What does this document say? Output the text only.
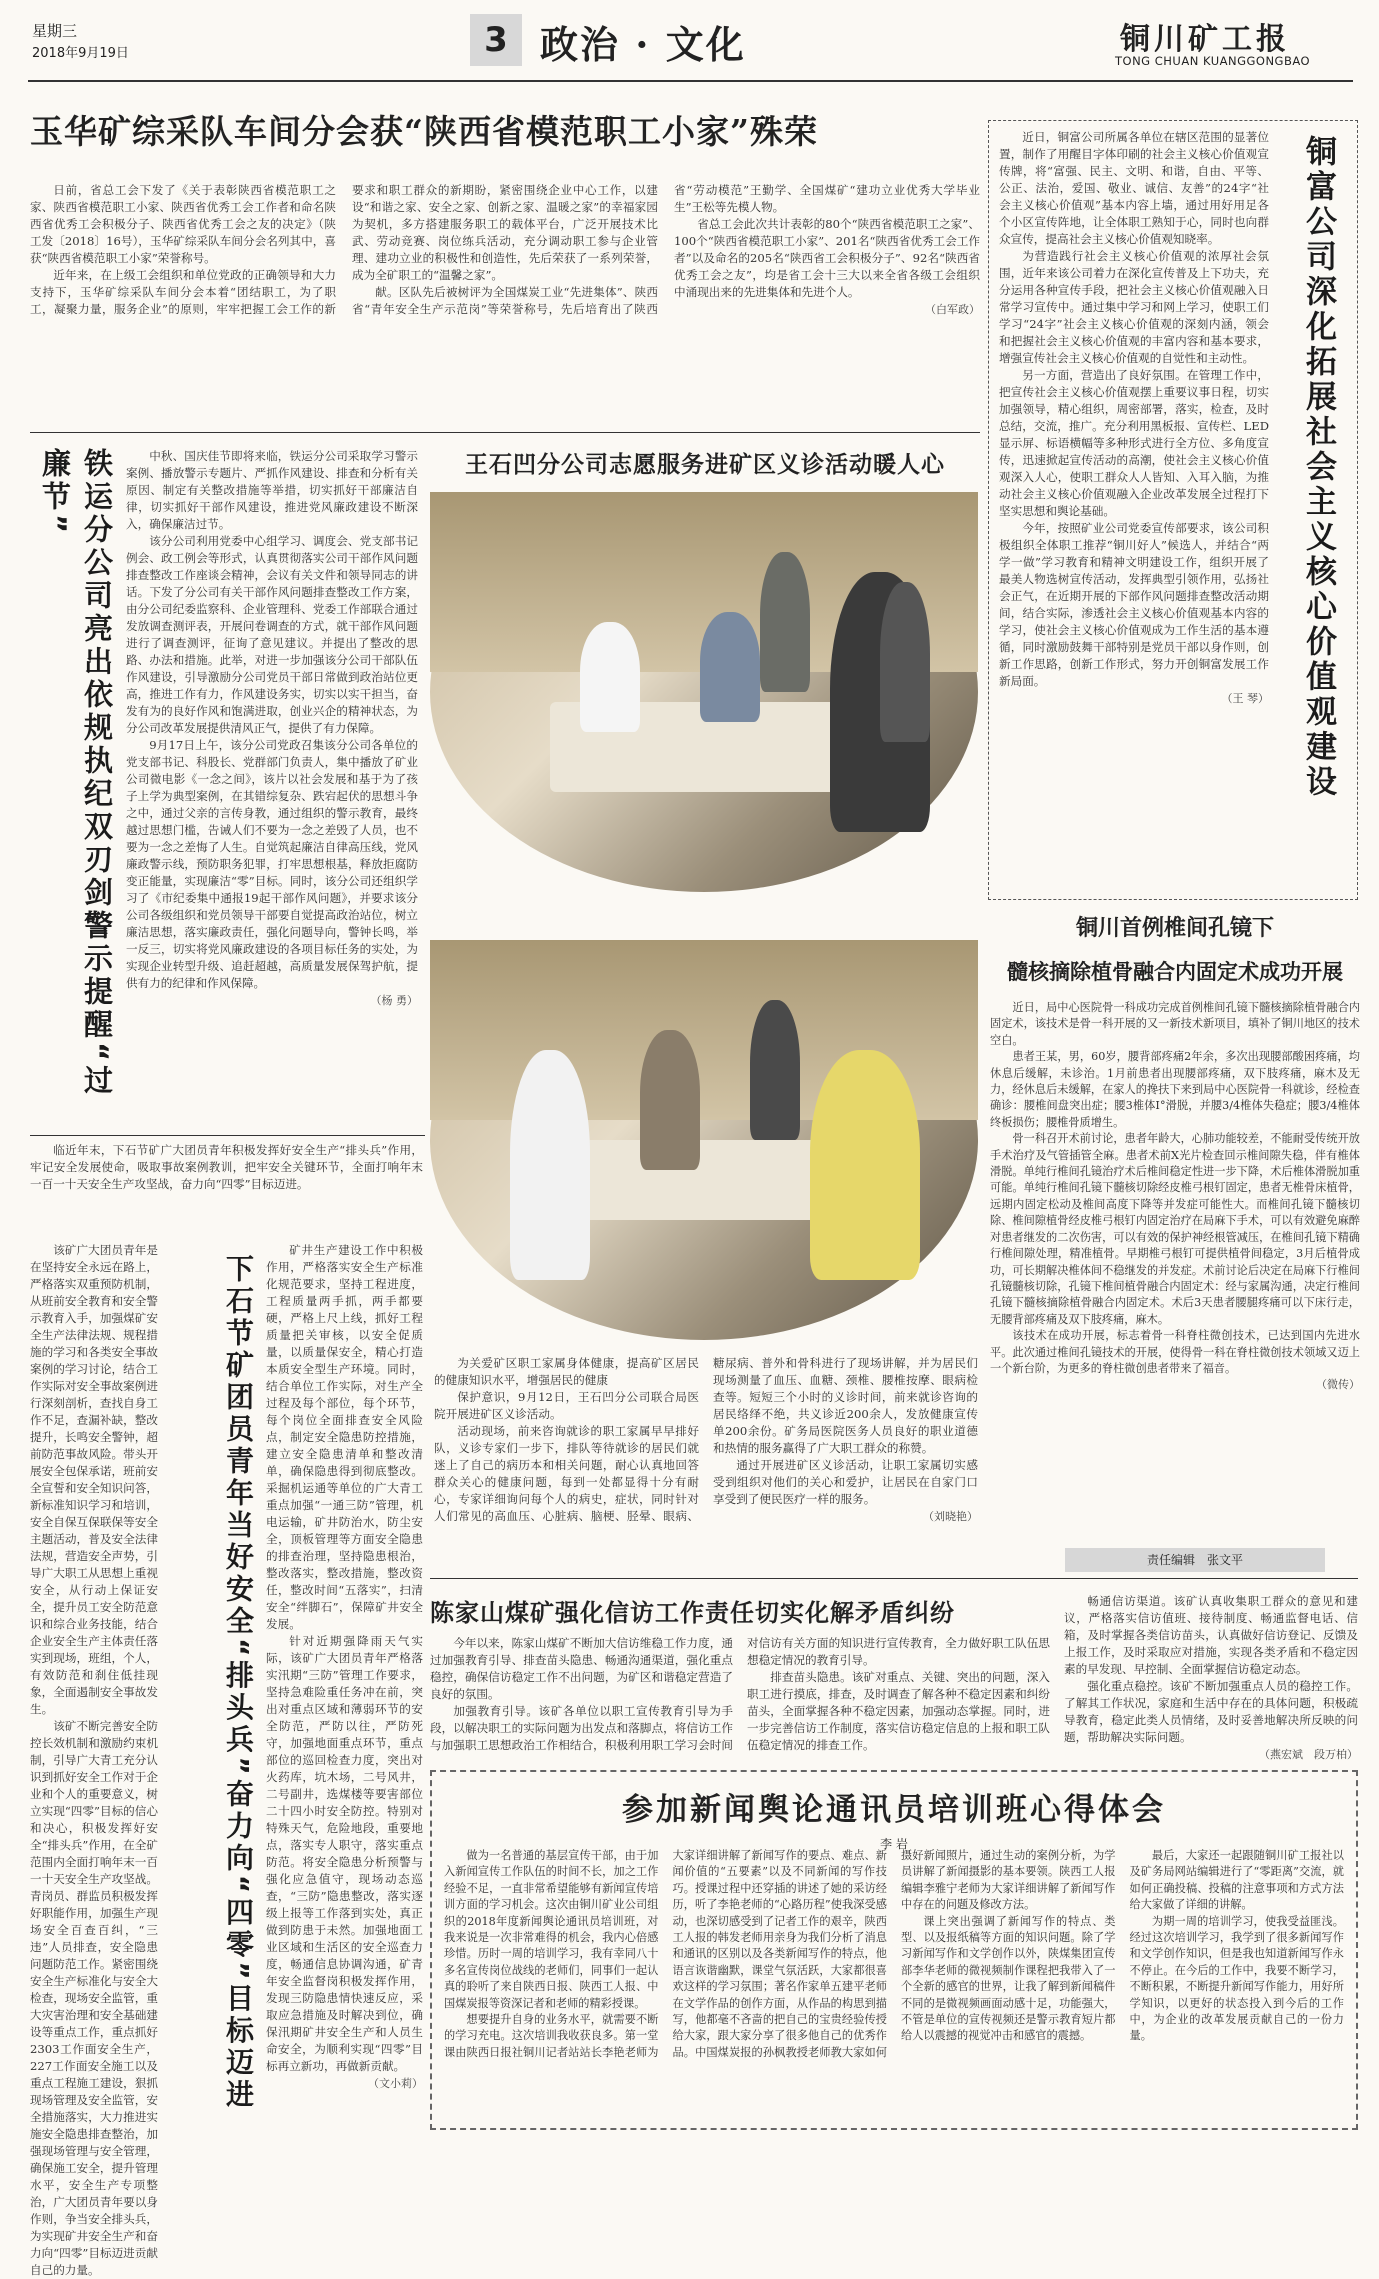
星期三
2018年9月19日	3 政治 · 文化	铜川矿工报
TONG CHUAN KUANGGONGBAO
玉华矿综采队车间分会获“陕西省模范职工小家”殊荣

日前，省总工会下发了《关于表彰陕西省模范职工之家、陕西省模范职工小家、陕西省优秀工会工作者和命名陕西省优秀工会积极分子、陕西省优秀工会之友的决定》（陕工发〔2018〕16号），玉华矿综采队车间分会名列其中，喜获“陕西省模范职工小家”荣誉称号。

近年来，在上级工会组织和单位党政的正确领导和大力支持下，玉华矿综采队车间分会本着“团结职工，为了职工，凝聚力量，服务企业”的原则，牢牢把握工会工作的新要求和职工群众的新期盼，紧密围绕企业中心工作，以建设“和谐之家、安全之家、创新之家、温暖之家”的幸福家园为契机，多方搭建服务职工的载体平台，广泛开展技术比武、劳动竞赛、岗位练兵活动，充分调动职工参与企业管理、建功立业的积极性和创造性，先后荣获了一系列荣誉，成为全矿职工的“温馨之家”。

献。区队先后被树评为全国煤炭工业“先进集体”、陕西省“青年安全生产示范岗”等荣誉称号，先后培育出了陕西省“劳动模范”王勤学、全国煤矿“建功立业优秀大学毕业生”王松等先模人物。

省总工会此次共计表彰的80个“陕西省模范职工之家”、100个“陕西省模范职工小家”、201名“陕西省优秀工会工作者”以及命名的205名“陕西省工会积极分子”、92名“陕西省优秀工会之友”，均是省工会十三大以来全省各级工会组织中涌现出来的先进集体和先进个人。

（白军政）

近日，铜富公司所属各单位在辖区范围的显著位置，制作了用醒目字体印刷的社会主义核心价值观宣传牌，将“富强、民主、文明、和谐，自由、平等、公正、法治，爱国、敬业、诚信、友善”的24字“社会主义核心价值观”基本内容上墙，通过用好用足各个小区宣传阵地，让全体职工熟知于心，同时也向群众宣传，提高社会主义核心价值观知晓率。

为营造践行社会主义核心价值观的浓厚社会氛围，近年来该公司着力在深化宣传普及上下功夫，充分运用各种宣传手段，把社会主义核心价值观融入日常学习宣传中。通过集中学习和网上学习，使职工们学习“24字”社会主义核心价值观的深刻内涵，领会和把握社会主义核心价值观的丰富内容和基本要求，增强宣传社会主义核心价值观的自觉性和主动性。

另一方面，营造出了良好氛围。在管理工作中，把宣传社会主义核心价值观摆上重要议事日程，切实加强领导，精心组织，周密部署，落实，检查，及时总结，交流，推广。充分利用黑板报、宣传栏、LED显示屏、标语横幅等多种形式进行全方位、多角度宣传，迅速掀起宣传活动的高潮，使社会主义核心价值观深入人心，使职工群众人人皆知、入耳入脑，为推动社会主义核心价值观融入企业改革发展全过程打下坚实思想和舆论基础。

今年，按照矿业公司党委宣传部要求，该公司积极组织全体职工推荐“铜川好人”候选人，并结合“两学一做”学习教育和精神文明建设工作，组织开展了最美人物选树宣传活动，发挥典型引领作用，弘扬社会正气，在近期开展的下部作风问题排查整改活动期间，结合实际，渗透社会主义核心价值观基本内容的学习，使社会主义核心价值观成为工作生活的基本遵循，同时激励鼓舞干部特别是党员干部以身作则，创新工作思路，创新工作形式，努力开创铜富发展工作新局面。

（王 琴）	铜富公司深化拓展社会主义核心价值观建设
铁运分公司亮出依规执纪双刃剑警示提醒“过廉节”	中秋、国庆佳节即将来临，铁运分公司采取学习警示案例、播放警示专题片、严抓作风建设、排查和分析有关原因、制定有关整改措施等举措，切实抓好干部廉洁自律，切实抓好干部作风建设，推进党风廉政建设不断深入，确保廉洁过节。

该分公司利用党委中心组学习、调度会、党支部书记例会、政工例会等形式，认真贯彻落实公司干部作风问题排查整改工作座谈会精神，会议有关文件和领导同志的讲话。下发了分公司有关干部作风问题排查整改工作方案，由分公司纪委监察科、企业管理科、党委工作部联合通过发放调查测评表，开展问卷调查的方式，就干部作风问题进行了调查测评，征询了意见建议。并提出了整改的思路、办法和措施。此举，对进一步加强该分公司干部队伍作风建设，引导激励分公司党员干部日常做到政治站位更高，推进工作有力，作风建设务实，切实以实干担当，奋发有为的良好作风和饱满进取，创业兴企的精神状态，为分公司改革发展提供清风正气，提供了有力保障。

9月17日上午，该分公司党政召集该分公司各单位的党支部书记、科股长、党群部门负责人，集中播放了矿业公司微电影《一念之间》，该片以社会发展和基于为了孩子上学为典型案例，在其错综复杂、跌宕起伏的思想斗争之中，通过父亲的言传身教，通过组织的警示教育，最终越过思想门槛，告诫人们不要为一念之差毁了人员，也不要为一念之差悔了人生。自觉筑起廉洁自律高压线，党风廉政警示线，预防职务犯罪，打牢思想根基，释放拒腐防变正能量，实现廉洁“零”目标。同时，该分公司还组织学习了《市纪委集中通报19起干部作风问题》，并要求该分公司各级组织和党员领导干部要自觉提高政治站位，树立廉洁思想，落实廉政责任，强化问题导向，警钟长鸣，举一反三，切实将党风廉政建设的各项目标任务的实处，为实现企业转型升级、追赶超越，高质量发展保驾护航，提供有力的纪律和作风保障。

（杨 勇）
王石凹分公司志愿服务进矿区义诊活动暖人心

为关爱矿区职工家属身体健康，提高矿区居民的健康知识水平，增强居民的健康

保护意识，9月12日，王石凹分公司联合局医院开展进矿区义诊活动。

活动现场，前来咨询就诊的职工家属早早排好队，义诊专家们一步下，排队等待就诊的居民们就迷上了自己的病历本和相关问题，耐心认真地回答群众关心的健康问题，每到一处都显得十分有耐心，专家详细询问每个人的病史，症状，同时针对人们常见的高血压、心脏病、脑梗、胫晕、眼病、糖尿病、普外和骨科进行了现场讲解，并为居民们现场测量了血压、血糖、颈椎、腰椎按摩、眼病检查等。短短三个小时的义诊时间，前来就诊咨询的居民络绎不绝，共义诊近200余人，发放健康宣传单200余份。矿务局医院医务人员良好的职业道德和热情的服务赢得了广大职工群众的称赞。

通过开展进矿区义诊活动，让职工家属切实感受到组织对他们的关心和爱护，让居民在自家门口享受到了便民医疗一样的服务。

（刘晓艳）

临近年末，下石节矿广大团员青年积极发挥好安全生产“排头兵”作用，牢记安全发展使命，吸取事故案例教训，把牢安全关键环节，全面打响年末一百一十天安全生产攻坚战，奋力向“四零”目标迈进。

该矿广大团员青年是在坚持安全永远在路上，严格落实双重预防机制，从班前安全教育和安全警示教育入手，加强煤矿安全生产法律法规、规程措施的学习和各类安全事故案例的学习讨论，结合工作实际对安全事故案例进行深刻剖析，查找自身工作不足，查漏补缺，整改提升，长鸣安全警钟，超前防范事故风险。带头开展安全包保承诺，班前安全宣誓和安全知识问答，新标准知识学习和培训，安全自保互保联保等安全主题活动，普及安全法律法规，营造安全声势，引导广大职工从思想上重视安全，从行动上保证安全，提升员工安全防范意识和综合业务技能，结合企业安全生产主体责任落实到现场，班组，个人，有效防范和刹住低挂现象，全面遏制安全事故发生。

该矿不断完善安全防控长效机制和激励约束机制，引导广大青工充分认识到抓好安全工作对于企业和个人的重要意义，树立实现“四零”目标的信心和决心，积极发挥好安全“排头兵”作用，在全矿范围内全面打响年末一百一十天安全生产攻坚战。青岗员、群监员积极发挥好职能作用，加强生产现场安全百查百纠，“三违”人员排查，安全隐患问题防范工作。紧密围绕安全生产标准化与安全大检查，现场安全监管，重大灾害治理和安全基础建设等重点工作，重点抓好2303工作面安全生产，227工作面安全施工以及重点工程施工建设，狠抓现场管理及安全监管，安全措施落实，大力推进实施安全隐患排查整治，加强现场管理与安全管理，确保施工安全，提升管理水平，安全生产专项整治，广大团员青年要以身作则，争当安全排头兵，为实现矿井安全生产和奋力向“四零”目标迈进贡献自己的力量。

下石节矿团员青年当好安全“排头兵”奋力向“四零”目标迈进

矿井生产建设工作中积极作用，严格落实安全生产标准化规范要求，坚持工程进度，工程质量两手抓，两手都要硬，严格上尺上线，抓好工程质量把关审核，以安全促质量，以质量保安全，精心打造本质安全型生产环境。同时，结合单位工作实际，对生产全过程及每个部位，每个环节，每个岗位全面排查安全风险点，制定安全隐患防控措施，建立安全隐患清单和整改清单，确保隐患得到彻底整改。采掘机运通等单位的广大青工重点加强“一通三防”管理，机电运输，矿井防治水，防尘安全，顶板管理等方面安全隐患的排查治理，坚持隐患根治，整改落实，整改措施，整改资任，整改时间“五落实”，扫清安全“绊脚石”，保障矿井安全发展。

针对近期强降雨天气实际，该矿广大团员青年严格落实汛期“三防”管理工作要求，坚持急难险重任务冲在前，突出对重点区域和薄弱环节的安全防范，严防以往，严防死守，加强地面重点环节，重点部位的巡回检查力度，突出对火药库，坑木场，二号风井，二号副井，选煤楼等要害部位二十四小时安全防控。特别对特殊天气，危险地段，重要地点，落实专人职守，落实重点防范。将安全隐患分析预警与强化应急值守，现场动态巡查，“三防”隐患整改，落实逐级上报等工作落到实处，真正做到防患于未然。加强地面工业区域和生活区的安全巡查力度，畅通信息协调沟通，矿青年安全监督岗积极发挥作用，发现三防隐患情快速反应，采取应急措施及时解决到位，确保汛期矿井安全生产和人员生命安全，为顺利实现“四零”目标再立新功，再做新贡献。

（文小莉）
铜川首例椎间孔镜下
髓核摘除植骨融合内固定术成功开展

近日，局中心医院骨一科成功完成首例椎间孔镜下髓核摘除植骨融合内固定术，该技术是骨一科开展的又一新技术新项目，填补了铜川地区的技术空白。

患者王某，男，60岁，腰背部疼痛2年余，多次出现腰部酸困疼痛，均休息后缓解，未诊治。1月前患者出现腰部疼痛，双下肢疼痛，麻木及无力，经休息后未缓解，在家人的搀扶下来到局中心医院骨一科就诊，经检查确诊：腰椎间盘突出症；腰3椎体Ⅰ°滑脱，并腰3/4椎体失稳症；腰3/4椎体终板损伤；腰椎骨质增生。

骨一科召开术前讨论，患者年龄大，心肺功能较差，不能耐受传统开放手术治疗及气管插管全麻。患者术前X光片检查回示椎间隙失稳，伴有椎体滑脱。单纯行椎间孔镜治疗术后椎间稳定性进一步下降，术后椎体滑脱加重可能。单纯行椎间孔镜下髓核切除经皮椎弓根钉固定，患者无椎骨床植骨，远期内固定松动及椎间高度下降等并发症可能性大。而椎间孔镜下髓核切除、椎间隙植骨经皮椎弓根钉内固定治疗在局麻下手术，可以有效避免麻醉对患者继发的二次伤害，可以有效的保护神经根管减压，在椎间孔镜下精确行椎间隙处理，精准植骨。早期椎弓根钉可提供植骨间稳定，3月后植骨成功，可长期解决椎体间不稳继发的并发症。术前讨论后决定在局麻下行椎间孔镜髓核切除，孔镜下椎间植骨融合内固定术：经与家属沟通，决定行椎间孔镜下髓核摘除植骨融合内固定术。术后3天患者腰腿疼痛可以下床行走，无腰背部疼痛及双下肢疼痛，麻木。

该技术在成功开展，标志着骨一科脊柱微创技术，已达到国内先进水平。此次通过椎间孔镜技术的开展，使得骨一科在脊柱微创技术领域又迈上一个新台阶，为更多的脊柱微创患者带来了福音。

（微传）
责任编辑　张文平
陈家山煤矿强化信访工作责任切实化解矛盾纠纷

今年以来，陈家山煤矿不断加大信访维稳工作力度，通过加强教育引导、排查苗头隐患、畅通沟通渠道，强化重点稳控，确保信访稳定工作不出问题，为矿区和谐稳定营造了良好的氛围。

加强教育引导。该矿各单位以职工宣传教育引导为手段，以解决职工的实际问题为出发点和落脚点，将信访工作与加强职工思想政治工作相结合，积极利用职工学习会时间对信访有关方面的知识进行宣传教育，全力做好职工队伍思想稳定情况的教育引导。

排查苗头隐患。该矿对重点、关键、突出的问题，深入职工进行摸底，排查，及时调查了解各种不稳定因素和纠纷苗头，全面掌握各种不稳定因素，加强动态掌握。同时，进一步完善信访工作制度，落实信访稳定信息的上报和职工队伍稳定情况的排查工作。

畅通信访渠道。该矿认真收集职工群众的意见和建议，严格落实信访值班、接待制度、畅通监督电话、信箱，及时掌握各类信访苗头，认真做好信访登记、反馈及上报工作，及时采取应对措施，实现各类矛盾和不稳定因素的早发现、早控制、全面掌握信访稳定动态。

强化重点稳控。该矿不断加强重点人员的稳控工作。了解其工作状况，家庭和生活中存在的具体问题，积极疏导教育，稳定此类人员情绪，及时妥善地解决所反映的问题，帮助解决实际问题。

（燕宏斌　段万柏）
参加新闻舆论通讯员培训班心得体会
李 岩

做为一名普通的基层宣传干部，由于加入新闻宣传工作队伍的时间不长，加之工作经验不足，一直非常希望能够有新闻宣传培训方面的学习机会。这次由铜川矿业公司组织的2018年度新闻舆论通讯员培训班，对我来说是一次非常难得的机会，我内心倍感珍惜。历时一周的培训学习，我有幸同八十多名宣传岗位战线的老师们，同事们一起认真的聆听了来自陕西日报、陕西工人报、中国煤炭报等资深记者和老师的精彩授课。

想要提升自身的业务水平，就需要不断的学习充电。这次培训我收获良多。第一堂课由陕西日报社铜川记者站站长李艳老师为大家详细讲解了新闻写作的要点、难点、新闻价值的“五要素”以及不同新闻的写作技巧。授课过程中还穿插的讲述了她的采访经历，听了李艳老师的“心路历程”使我深受感动，也深切感受到了记者工作的艰辛，陕西工人报的韩发老师用亲身为我们分析了消息和通讯的区别以及各类新闻写作的特点，他语言诙谐幽默，课堂气氛活跃，大家都很喜欢这样的学习氛围；著名作家单五建平老师在文学作品的创作方面，从作品的构思到描写，他都毫不吝啬的把自己的宝贵经验传授给大家，跟大家分享了很多他自己的优秀作品。中国煤炭报的孙枫教授老师教大家如何摄好新闻照片，通过生动的案例分析，为学员讲解了新闻摄影的基本要领。陕西工人报编辑李雅宁老师为大家详细讲解了新闻写作中存在的问题及修改方法。

课上突出强调了新闻写作的特点、类型、以及报纸稿等方面的知识问题。除了学习新闻写作和文学创作以外，陕煤集团宣传部李华老师的微视频制作课程把我带入了一个全新的感官的世界，让我了解到新闻稿件不同的是微视频画面动感十足，功能强大，不管是单位的宣传视频还是警示教育短片都给人以震撼的视觉冲击和感官的震撼。

最后，大家还一起跟随铜川矿工报社以及矿务局网站编辑进行了“零距离”交流，就如何正确投稿、投稿的注意事项和方式方法给大家做了详细的讲解。

为期一周的培训学习，使我受益匪浅。经过这次培训学习，我学到了很多新闻写作和文学创作知识，但是我也知道新闻写作永不停止。在今后的工作中，我要不断学习，不断积累，不断提升新闻写作能力，用好所学知识，以更好的状态投入到今后的工作中，为企业的改革发展贡献自己的一份力量。
